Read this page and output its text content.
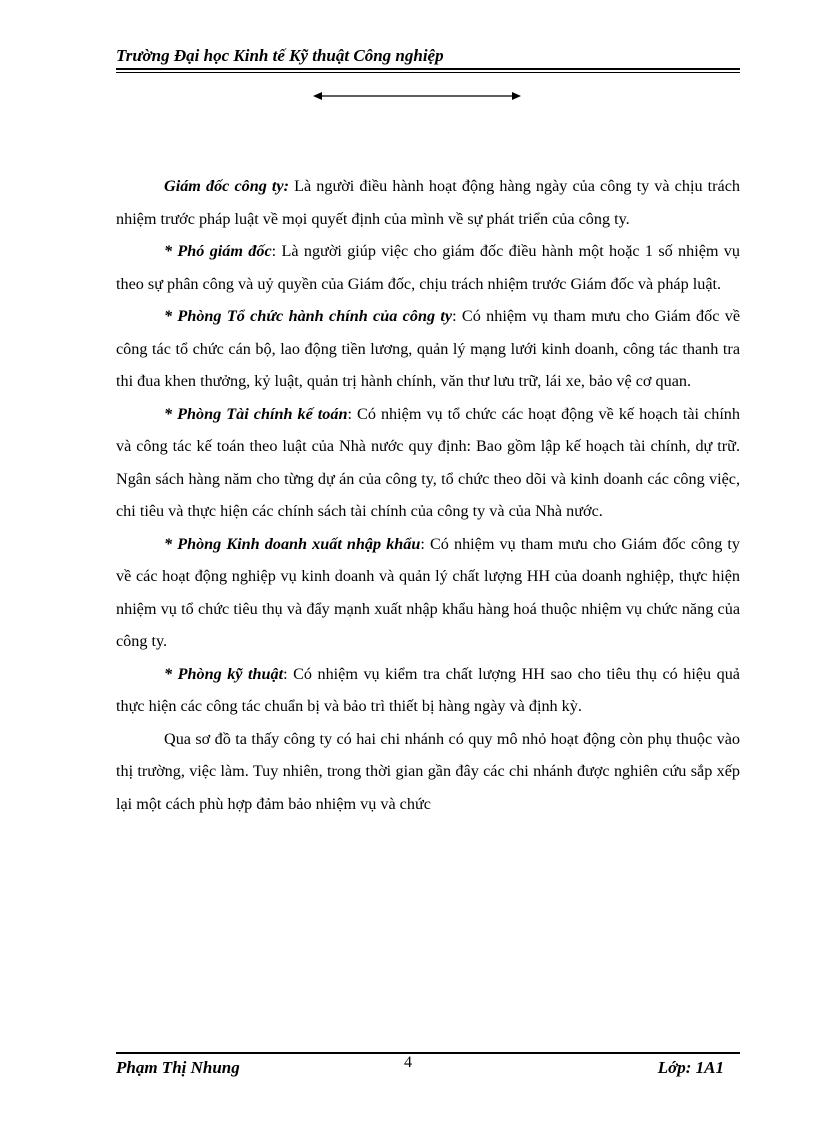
Trường Đại học Kinh tế Kỹ thuật Công nghiệp

Giám đốc công ty: Là người điều hành hoạt động hàng ngày của công ty và chịu trách nhiệm trước pháp luật về mọi quyết định của mình về sự phát triển của công ty.

* Phó giám đốc: Là người giúp việc cho giám đốc điều hành một hoặc 1 số nhiệm vụ theo sự phân công và uỷ quyền của Giám đốc, chịu trách nhiệm trước Giám đốc và pháp luật.

* Phòng Tổ chức hành chính của công ty: Có nhiệm vụ tham mưu cho Giám đốc về công tác tổ chức cán bộ, lao động tiền lương, quản lý mạng lưới kinh doanh, công tác thanh tra thi đua khen thưởng, kỷ luật, quản trị hành chính, văn thư lưu trữ, lái xe, bảo vệ cơ quan.

* Phòng Tài chính kế toán: Có nhiệm vụ tổ chức các hoạt động về kế hoạch tài chính và công tác kế toán theo luật của Nhà nước quy định: Bao gồm lập kế hoạch tài chính, dự trữ. Ngân sách hàng năm cho từng dự án của công ty, tổ chức theo dõi và kinh doanh các công việc, chi tiêu và thực hiện các chính sách tài chính của công ty và của Nhà nước.

* Phòng Kinh doanh xuất nhập khẩu: Có nhiệm vụ tham mưu cho Giám đốc công ty về các hoạt động nghiệp vụ kinh doanh và quản lý chất lượng HH của doanh nghiệp, thực hiện nhiệm vụ tổ chức tiêu thụ và đẩy mạnh xuất nhập khẩu hàng hoá thuộc nhiệm vụ chức năng của công ty.

* Phòng kỹ thuật: Có nhiệm vụ kiểm tra chất lượng HH sao cho tiêu thụ có hiệu quả thực hiện các công tác chuẩn bị và bảo trì thiết bị hàng ngày và định kỳ.

Qua sơ đồ ta thấy công ty có hai chi nhánh có quy mô nhỏ hoạt động còn phụ thuộc vào thị trường, việc làm. Tuy nhiên, trong thời gian gần đây các chi nhánh được nghiên cứu sắp xếp lại một cách phù hợp đảm bảo nhiệm vụ và chức

Phạm Thị Nhung	4	Lớp: 1A1
